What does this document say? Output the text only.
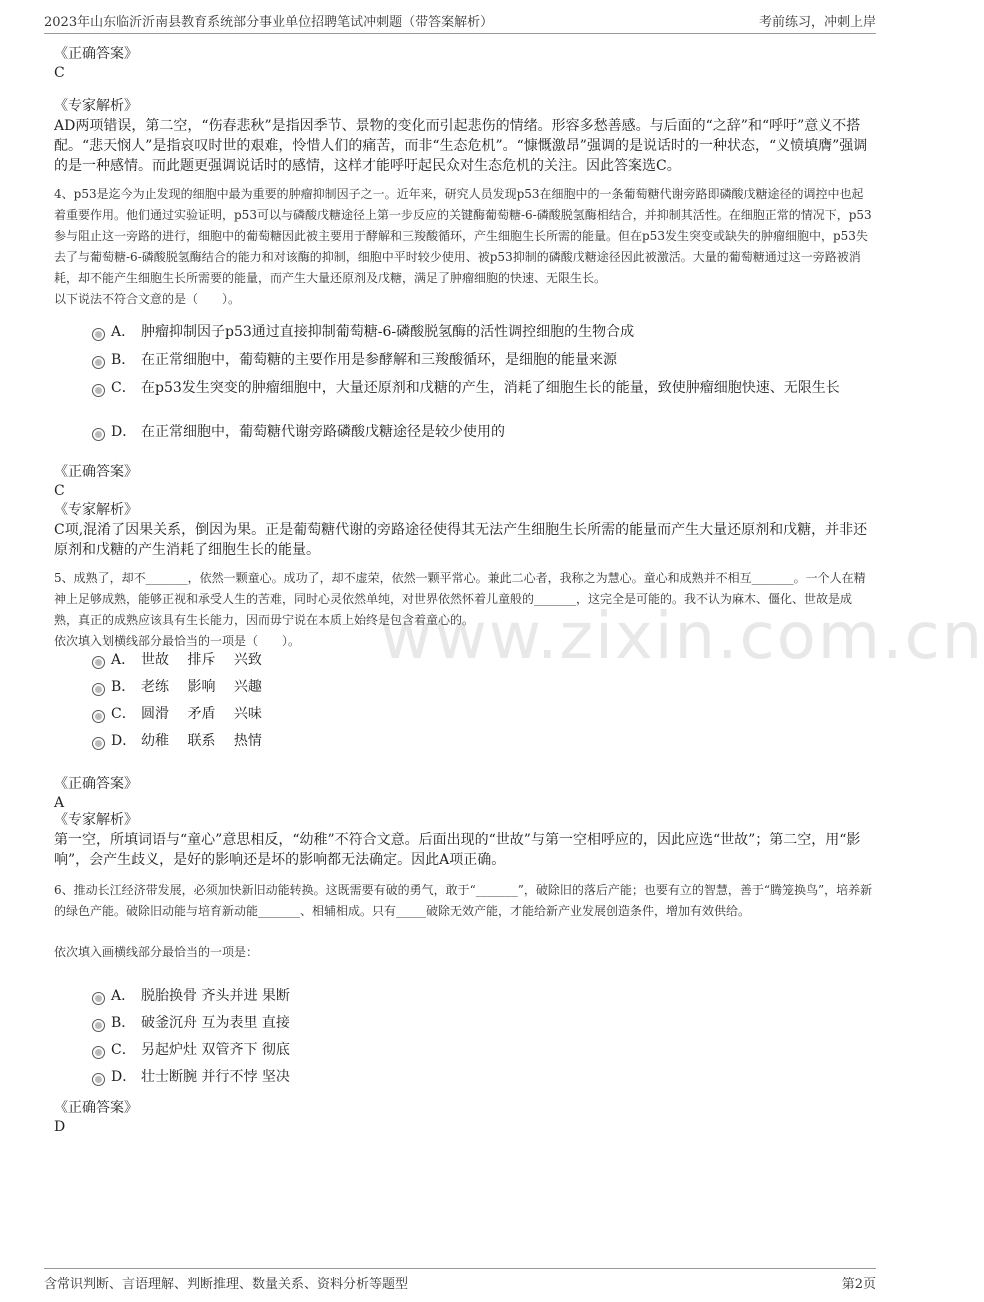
2023年山东临沂沂南县教育系统部分事业单位招聘笔试冲刺题（带答案解析）	考前练习，冲刺上岸
www.zixin.com.cn

《正确答案》

C

《专家解析》

AD两项错误，第二空，“伤春悲秋”是指因季节、景物的变化而引起悲伤的情绪。形容多愁善感。与后面的“之辞”和“呼吁”意义不搭配。“悲天悯人”是指哀叹时世的艰难，怜惜人们的痛苦，而非“生态危机”。“慷慨激昂”强调的是说话时的一种状态，“义愤填膺”强调的是一种感情。而此题更强调说话时的感情，这样才能呼吁起民众对生态危机的关注。因此答案选C。

4、p53是迄今为止发现的细胞中最为重要的肿瘤抑制因子之一。近年来，研究人员发现p53在细胞中的一条葡萄糖代谢旁路即磷酸戊糖途径的调控中也起着重要作用。他们通过实验证明，p53可以与磷酸戊糖途径上第一步反应的关键酶葡萄糖-6-磷酸脱氢酶相结合，并抑制其活性。在细胞正常的情况下，p53参与阻止这一旁路的进行，细胞中的葡萄糖因此被主要用于酵解和三羧酸循环，产生细胞生长所需的能量。但在p53发生突变或缺失的肿瘤细胞中，p53失去了与葡萄糖-6-磷酸脱氢酶结合的能力和对该酶的抑制，细胞中平时较少使用、被p53抑制的磷酸戊糖途径因此被激活。大量的葡萄糖通过这一旁路被消耗，却不能产生细胞生长所需要的能量，而产生大量还原剂及戊糖，满足了肿瘤细胞的快速、无限生长。

以下说法不符合文意的是（　　）。

A． 肿瘤抑制因子p53通过直接抑制葡萄糖-6-磷酸脱氢酶的活性调控细胞的生物合成
B． 在正常细胞中，葡萄糖的主要作用是参酵解和三羧酸循环，是细胞的能量来源
C． 在p53发生突变的肿瘤细胞中，大量还原剂和戊糖的产生，消耗了细胞生长的能量，致使肿瘤细胞快速、无限生长
D． 在正常细胞中，葡萄糖代谢旁路磷酸戊糖途径是较少使用的

《正确答案》

C

《专家解析》

C项,混淆了因果关系，倒因为果。正是葡萄糖代谢的旁路途径使得其无法产生细胞生长所需的能量而产生大量还原剂和戊糖，并非还原剂和戊糖的产生消耗了细胞生长的能量。

5、成熟了，却不_______，依然一颗童心。成功了，却不虚荣，依然一颗平常心。兼此二心者，我称之为慧心。童心和成熟并不相互_______。一个人在精神上足够成熟，能够正视和承受人生的苦难，同时心灵依然单纯，对世界依然怀着儿童般的_______，这完全是可能的。我不认为麻木、僵化、世故是成熟，真正的成熟应该具有生长能力，因而毋宁说在本质上始终是包含着童心的。

依次填入划横线部分最恰当的一项是（　　）。

A． 世故　 排斥　 兴致
B． 老练　 影响　 兴趣
C． 圆滑　 矛盾　 兴味
D． 幼稚　 联系　 热情

《正确答案》

A

《专家解析》

第一空，所填词语与“童心”意思相反，“幼稚”不符合文意。后面出现的“世故”与第一空相呼应的，因此应选“世故”；第二空，用“影响”，会产生歧义，是好的影响还是坏的影响都无法确定。因此A项正确。

6、推动长江经济带发展，必须加快新旧动能转换。这既需要有破的勇气，敢于“_______”，破除旧的落后产能；也要有立的智慧，善于“腾笼换鸟”，培养新的绿色产能。破除旧动能与培育新动能_______、相辅相成。只有_____破除无效产能，才能给新产业发展创造条件，增加有效供给。

依次填入画横线部分最恰当的一项是：

A． 脱胎换骨 齐头并进 果断
B． 破釜沉舟 互为表里 直接
C． 另起炉灶 双管齐下 彻底
D． 壮士断腕 并行不悖 坚决

《正确答案》

D

含常识判断、言语理解、判断推理、数量关系、资料分析等题型	第2页
